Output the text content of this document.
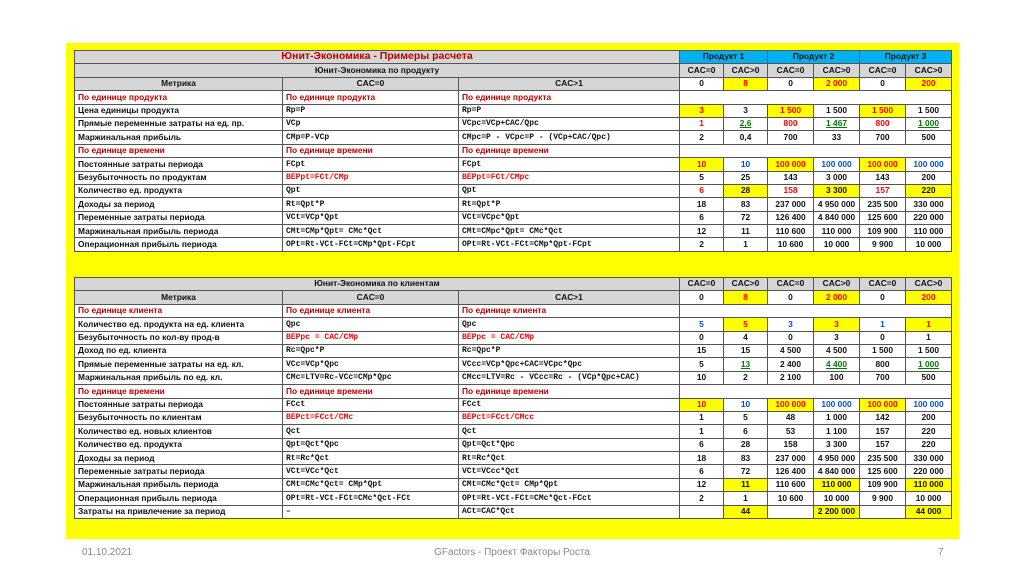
Юнит-Экономика - Примеры расчета			Продукт 1		Продукт 2		Продукт 3	
Юнит-Экономика по продукту			CAC=0	CAC>0	CAC=0	CAC>0	CAC=0	CAC>0
Метрика	CAC=0	CAC>1	0	8	0	2 000	0	200
По единице продукта	По единице продукта	По единице продукта						
Цена единицы продукта	Rp=P	Rp=P	3	3	1 500	1 500	1 500	1 500
Прямые переменные затраты на ед. пр.	VCp	VCpc=VCp+CAC/Qpc	1	2,6	800	1 467	800	1 000
Маржинальная прибыль	CMp=P-VCp	CMpc=P - VCpc=P - (VCp+CAC/Qpc)	2	0,4	700	33	700	500
По единице времени	По единице времени	По единице времени						
Постоянные затраты периода	FCpt	FCpt	10	10	100 000	100 000	100 000	100 000
Безубыточность по продуктам	BEPpt=FCt/CMp	BEPpt=FCt/CMpc	5	25	143	3 000	143	200
Количество ед. продукта	Qpt	Qpt	6	28	158	3 300	157	220
Доходы за период	Rt=Qpt*P	Rt=Qpt*P	18	83	237 000	4 950 000	235 500	330 000
Переменные затраты периода	VCt=VCp*Qpt	VCt=VCpc*Qpt	6	72	126 400	4 840 000	125 600	220 000
Маржинальная прибыль периода	CMt=CMp*Qpt= CMc*Qct	CMt=CMpc*Qpt= CMc*Qct	12	11	110 600	110 000	109 900	110 000
Операционная прибыль периода	OPt=Rt-VCt-FCt=CMp*Qpt-FCpt	OPt=Rt-VCt-FCt=CMp*Qpt-FCpt	2	1	10 600	10 000	9 900	10 000
Юнит-Экономика по клиентам			CAC=0	CAC>0	CAC=0	CAC>0	CAC=0	CAC>0
Метрика	CAC=0	CAC>1	0	8	0	2 000	0	200
По единице клиента	По единице клиента	По единице клиента						
Количество ед. продукта на ед. клиента	Qpc	Qpc	5	5	3	3	1	1
Безубыточность по кол-ву прод-в	BEPpc = CAC/CMp	BEPpc = CAC/CMp	0	4	0	3	0	1
Доход по ед. клиента	Rc=Qpc*P	Rc=Qpc*P	15	15	4 500	4 500	1 500	1 500
Прямые переменные затраты на ед. кл.	VCc=VCp*Qpc	VCcc=VCp*Qpc+CAC=VCpc*Qpc	5	13	2 400	4 400	800	1 000
Маржинальная прибыль по ед. кл.	CMc=LTV=Rc-VCc=CMp*Qpc	CMcc=LTV=Rc - VCcc=Rc - (VCp*Qpc+CAC)	10	2	2 100	100	700	500
По единице времени	По единице времени	По единице времени						
Постоянные затраты периода	FCct	FCct	10	10	100 000	100 000	100 000	100 000
Безубыточность по клиентам	BEPct=FCct/CMc	BEPct=FCct/CMcc	1	5	48	1 000	142	200
Количество ед. новых клиентов	Qct	Qct	1	6	53	1 100	157	220
Количество ед. продукта	Qpt=Qct*Qpc	Qpt=Qct*Qpc	6	28	158	3 300	157	220
Доходы за период	Rt=Rc*Qct	Rt=Rc*Qct	18	83	237 000	4 950 000	235 500	330 000
Переменные затраты периода	VCt=VCc*Qct	VCt=VCcc*Qct	6	72	126 400	4 840 000	125 600	220 000
Маржинальная прибыль периода	CMt=CMc*Qct= CMp*Qpt	CMt=CMc*Qct= CMp*Qpt	12	11	110 600	110 000	109 900	110 000
Операционная прибыль периода	OPt=Rt-VCt-FCt=CMc*Qct-FCt	OPt=Rt-VCt-FCt=CMc*Qct-FCct	2	1	10 600	10 000	9 900	10 000
Затраты на привлечение за период	–	ACt=CAC*Qct		44		2 200 000		44 000
01.10.2021	GFactors - Проект Факторы Роста	7
